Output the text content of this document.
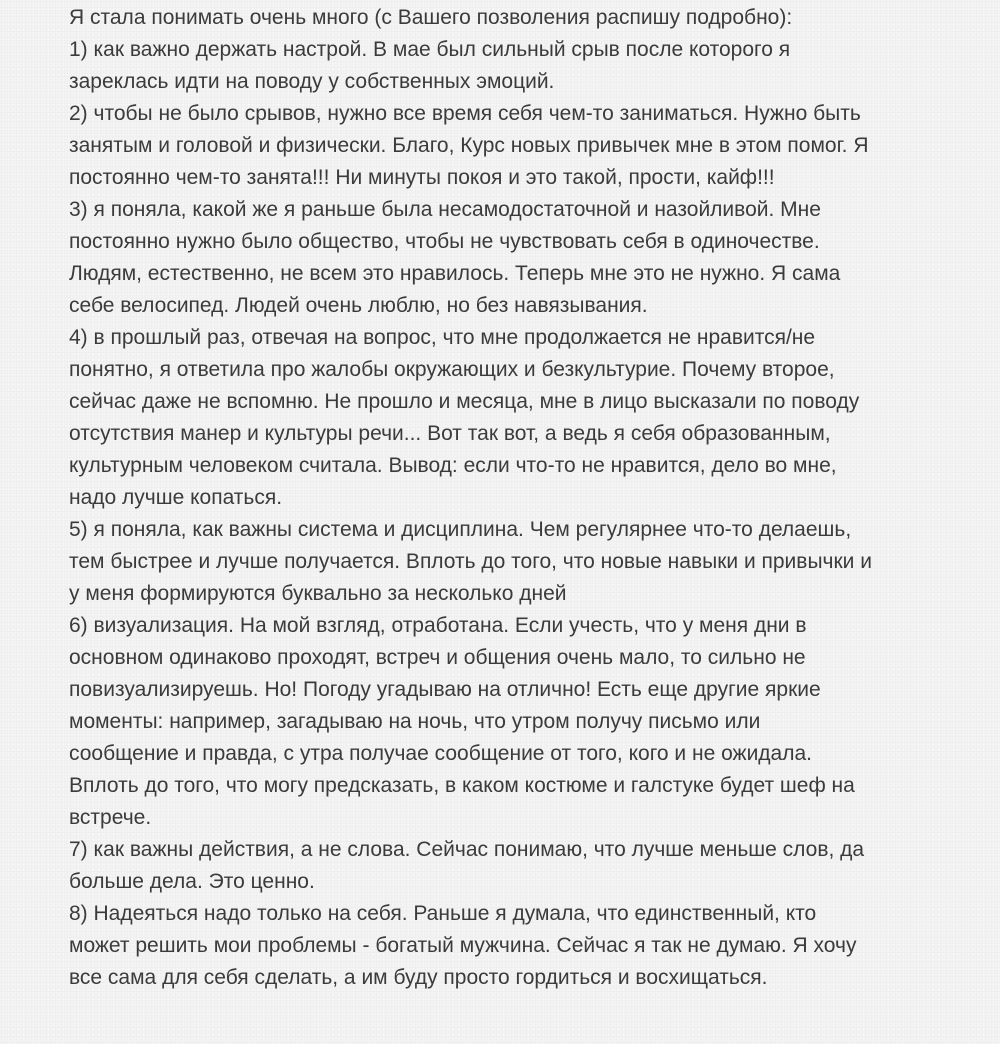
Я стала понимать очень много (с Вашего позволения распишу подробно):
1) как важно держать настрой. В мае был сильный срыв после которого я
зареклась идти на поводу у собственных эмоций.
2) чтобы не было срывов, нужно все время себя чем-то заниматься. Нужно быть
занятым и головой и физически. Благо, Курс новых привычек мне в этом помог. Я
постоянно чем-то занята!!! Ни минуты покоя и это такой, прости, кайф!!!
3) я поняла, какой же я раньше была несамодостаточной и назойливой. Мне
постоянно нужно было общество, чтобы не чувствовать себя в одиночестве.
Людям, естественно, не всем это нравилось. Теперь мне это не нужно. Я сама
себе велосипед. Людей очень люблю, но без навязывания.
4) в прошлый раз, отвечая на вопрос, что мне продолжается не нравится/не
понятно, я ответила про жалобы окружающих и безкультурие. Почему второе,
сейчас даже не вспомню. Не прошло и месяца, мне в лицо высказали по поводу
отсутствия манер и культуры речи... Вот так вот, а ведь я себя образованным,
культурным человеком считала. Вывод: если что-то не нравится, дело во мне,
надо лучше копаться.
5) я поняла, как важны система и дисциплина. Чем регулярнее что-то делаешь,
тем быстрее и лучше получается. Вплоть до того, что новые навыки и привычки и
у меня формируются буквально за несколько дней
6) визуализация. На мой взгляд, отработана. Если учесть, что у меня дни в
основном одинаково проходят, встреч и общения очень мало, то сильно не
повизуализируешь. Но! Погоду угадываю на отлично! Есть еще другие яркие
моменты: например, загадываю на ночь, что утром получу письмо или
сообщение и правда, с утра получае сообщение от того, кого и не ожидала.
Вплоть до того, что могу предсказать, в каком костюме и галстуке будет шеф на
встрече.
7) как важны действия, а не слова. Сейчас понимаю, что лучше меньше слов, да
больше дела. Это ценно.
8) Надеяться надо только на себя. Раньше я думала, что единственный, кто
может решить мои проблемы - богатый мужчина. Сейчас я так не думаю. Я хочу
все сама для себя сделать, а им буду просто гордиться и восхищаться.
